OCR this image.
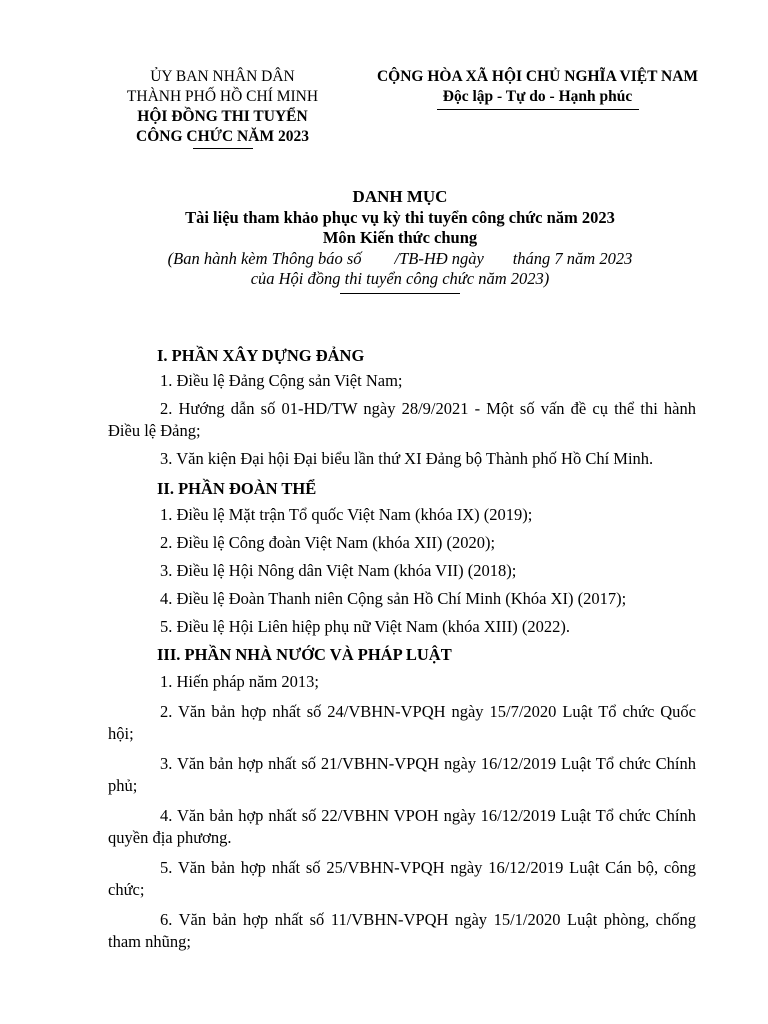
ỦY BAN NHÂN DÂN
THÀNH PHỐ HỒ CHÍ MINH
HỘI ĐỒNG THI TUYỂN
CÔNG CHỨC NĂM 2023
CỘNG HÒA XÃ HỘI CHỦ NGHĨA VIỆT NAM
Độc lập - Tự do - Hạnh phúc
DANH MỤC
Tài liệu tham khảo phục vụ kỳ thi tuyển công chức năm 2023
Môn Kiến thức chung
(Ban hành kèm Thông báo số        /TB-HĐ ngày       tháng 7 năm 2023
của Hội đồng thi tuyển công chức năm 2023)
I. PHẦN XÂY DỰNG ĐẢNG
1. Điều lệ Đảng Cộng sản Việt Nam;
2. Hướng dẫn số 01-HD/TW ngày 28/9/2021 - Một số vấn đề cụ thể thi hành Điều lệ Đảng;
3. Văn kiện Đại hội Đại biểu lần thứ XI Đảng bộ Thành phố Hồ Chí Minh.
II. PHẦN ĐOÀN THỂ
1. Điều lệ Mặt trận Tổ quốc Việt Nam (khóa IX) (2019);
2. Điều lệ Công đoàn Việt Nam (khóa XII) (2020);
3. Điều lệ Hội Nông dân Việt Nam (khóa VII) (2018);
4. Điều lệ Đoàn Thanh niên Cộng sản Hồ Chí Minh (Khóa XI) (2017);
5. Điều lệ Hội Liên hiệp phụ nữ Việt Nam (khóa XIII) (2022).
III. PHẦN NHÀ NƯỚC VÀ PHÁP LUẬT
1. Hiến pháp năm 2013;
2. Văn bản hợp nhất số 24/VBHN-VPQH ngày 15/7/2020 Luật Tổ chức Quốc hội;
3. Văn bản hợp nhất số 21/VBHN-VPQH ngày 16/12/2019 Luật Tổ chức Chính phủ;
4. Văn bản hợp nhất số 22/VBHN VPOH ngày 16/12/2019 Luật Tổ chức Chính quyền địa phương.
5. Văn bản hợp nhất số 25/VBHN-VPQH ngày 16/12/2019 Luật Cán bộ, công chức;
6. Văn bản hợp nhất số 11/VBHN-VPQH ngày 15/1/2020 Luật phòng, chống tham nhũng;
